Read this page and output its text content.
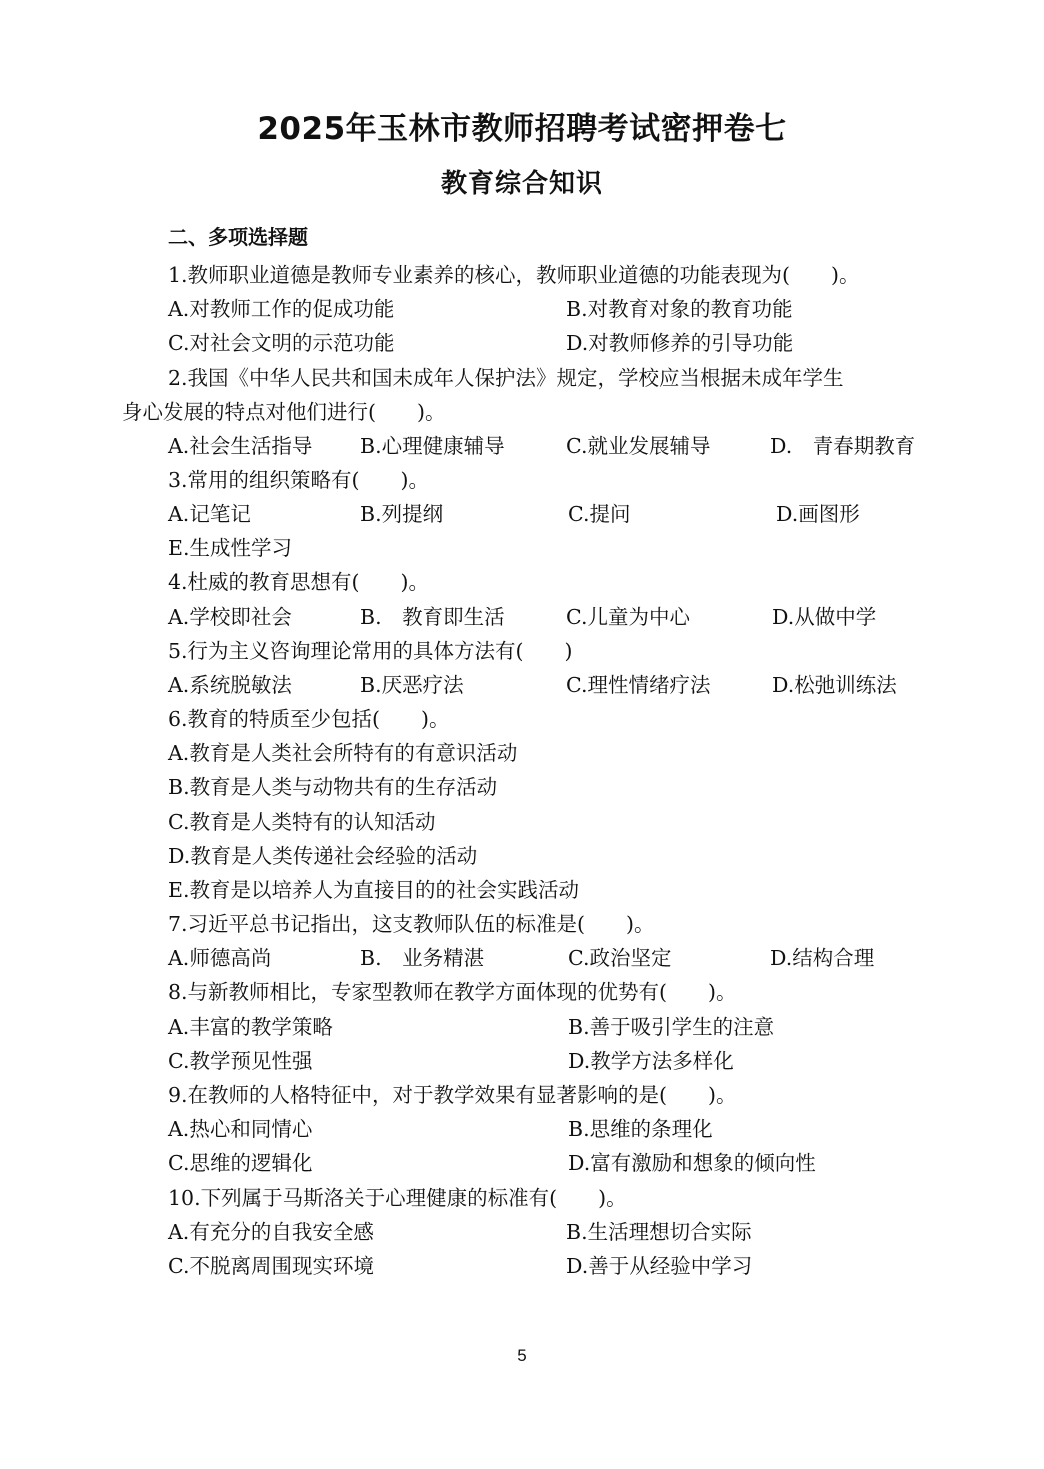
2025年玉林市教师招聘考试密押卷七
教育综合知识
二、多项选择题
1.教师职业道德是教师专业素养的核心，教师职业道德的功能表现为(　　)。
A.对教师工作的促成功能	B.对教育对象的教育功能
C.对社会文明的示范功能	D.对教师修养的引导功能
2.我国《中华人民共和国未成年人保护法》规定，学校应当根据未成年学生
身心发展的特点对他们进行(　　)。
A.社会生活指导 B.心理健康辅导	C.就业发展辅导	D.　青春期教育
3.常用的组织策略有(　　)。
A.记笔记	B.列提纲	C.提问	D.画图形
E.生成性学习
4.杜威的教育思想有(　　)。
A.学校即社会	B.　教育即生活	C.儿童为中心	D.从做中学
5.行为主义咨询理论常用的具体方法有(　　)
A.系统脱敏法	B.厌恶疗法	C.理性情绪疗法	D.松弛训练法
6.教育的特质至少包括(　　)。
A.教育是人类社会所特有的有意识活动
B.教育是人类与动物共有的生存活动
C.教育是人类特有的认知活动
D.教育是人类传递社会经验的活动
E.教育是以培养人为直接目的的社会实践活动
7.习近平总书记指出，这支教师队伍的标准是(　　)。
A.师德高尚	B.　业务精湛	C.政治坚定	D.结构合理
8.与新教师相比，专家型教师在教学方面体现的优势有(　　)。
A.丰富的教学策略	B.善于吸引学生的注意
C.教学预见性强	D.教学方法多样化
9.在教师的人格特征中，对于教学效果有显著影响的是(　　)。
A.热心和同情心	B.思维的条理化
C.思维的逻辑化	D.富有激励和想象的倾向性
10.下列属于马斯洛关于心理健康的标准有(　　)。
A.有充分的自我安全感	B.生活理想切合实际
C.不脱离周围现实环境	D.善于从经验中学习
5
